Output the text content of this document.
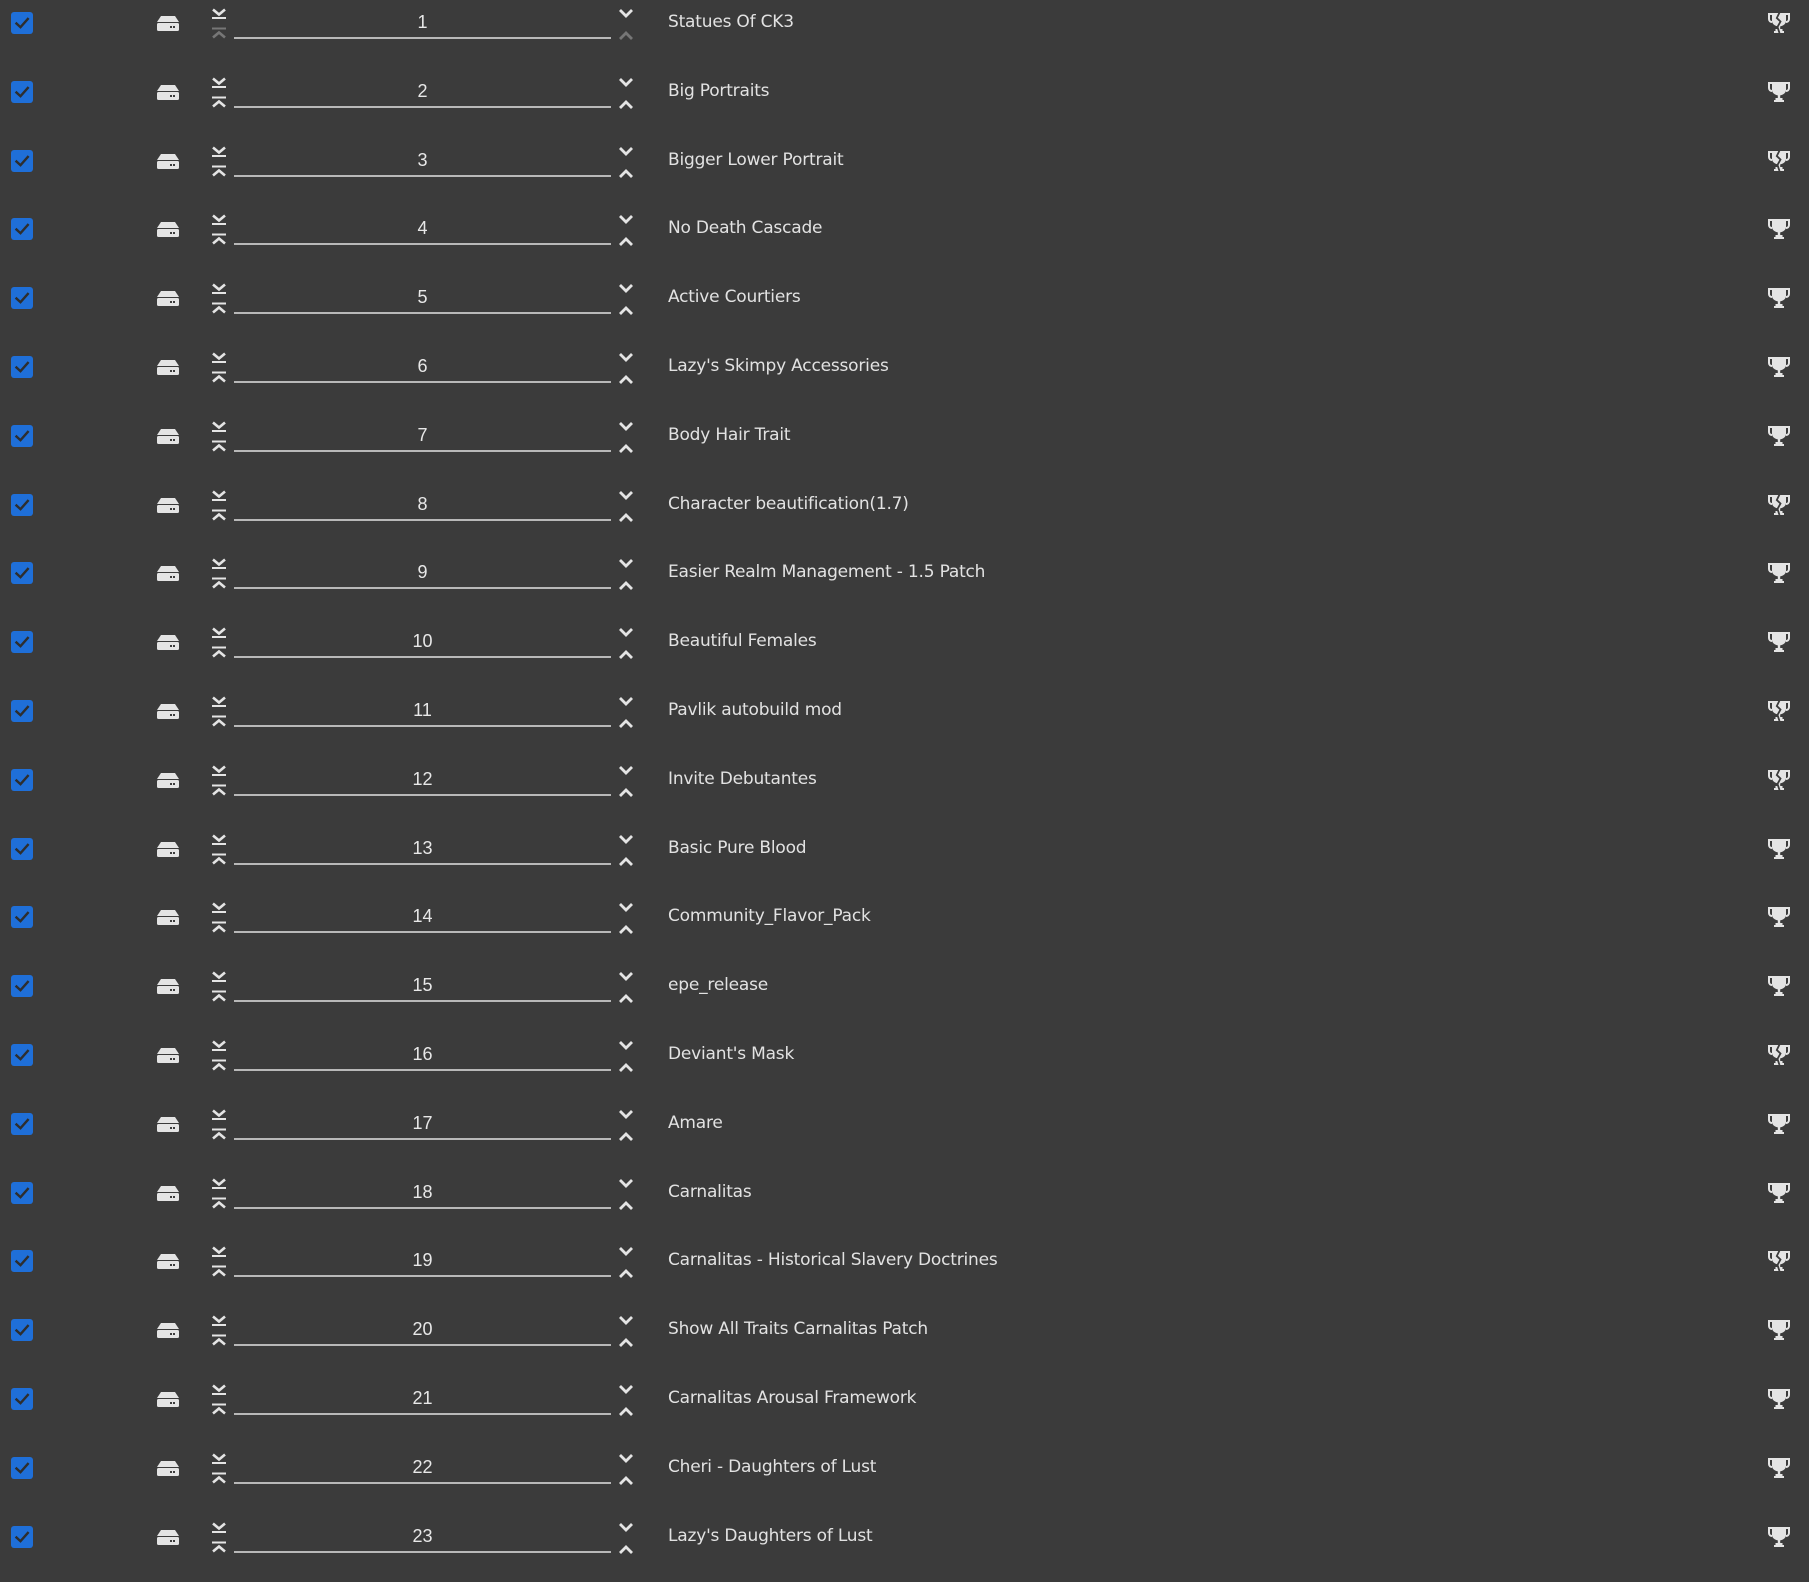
1
Statues Of CK3
2
Big Portraits
3
Bigger Lower Portrait
4
No Death Cascade
5
Active Courtiers
6
Lazy's Skimpy Accessories
7
Body Hair Trait
8
Character beautification(1.7)
9
Easier Realm Management - 1.5 Patch
10
Beautiful Females
11
Pavlik autobuild mod
12
Invite Debutantes
13
Basic Pure Blood
14
Community_Flavor_Pack
15
epe_release
16
Deviant's Mask
17
Amare
18
Carnalitas
19
Carnalitas - Historical Slavery Doctrines
20
Show All Traits Carnalitas Patch
21
Carnalitas Arousal Framework
22
Cheri - Daughters of Lust
23
Lazy's Daughters of Lust
